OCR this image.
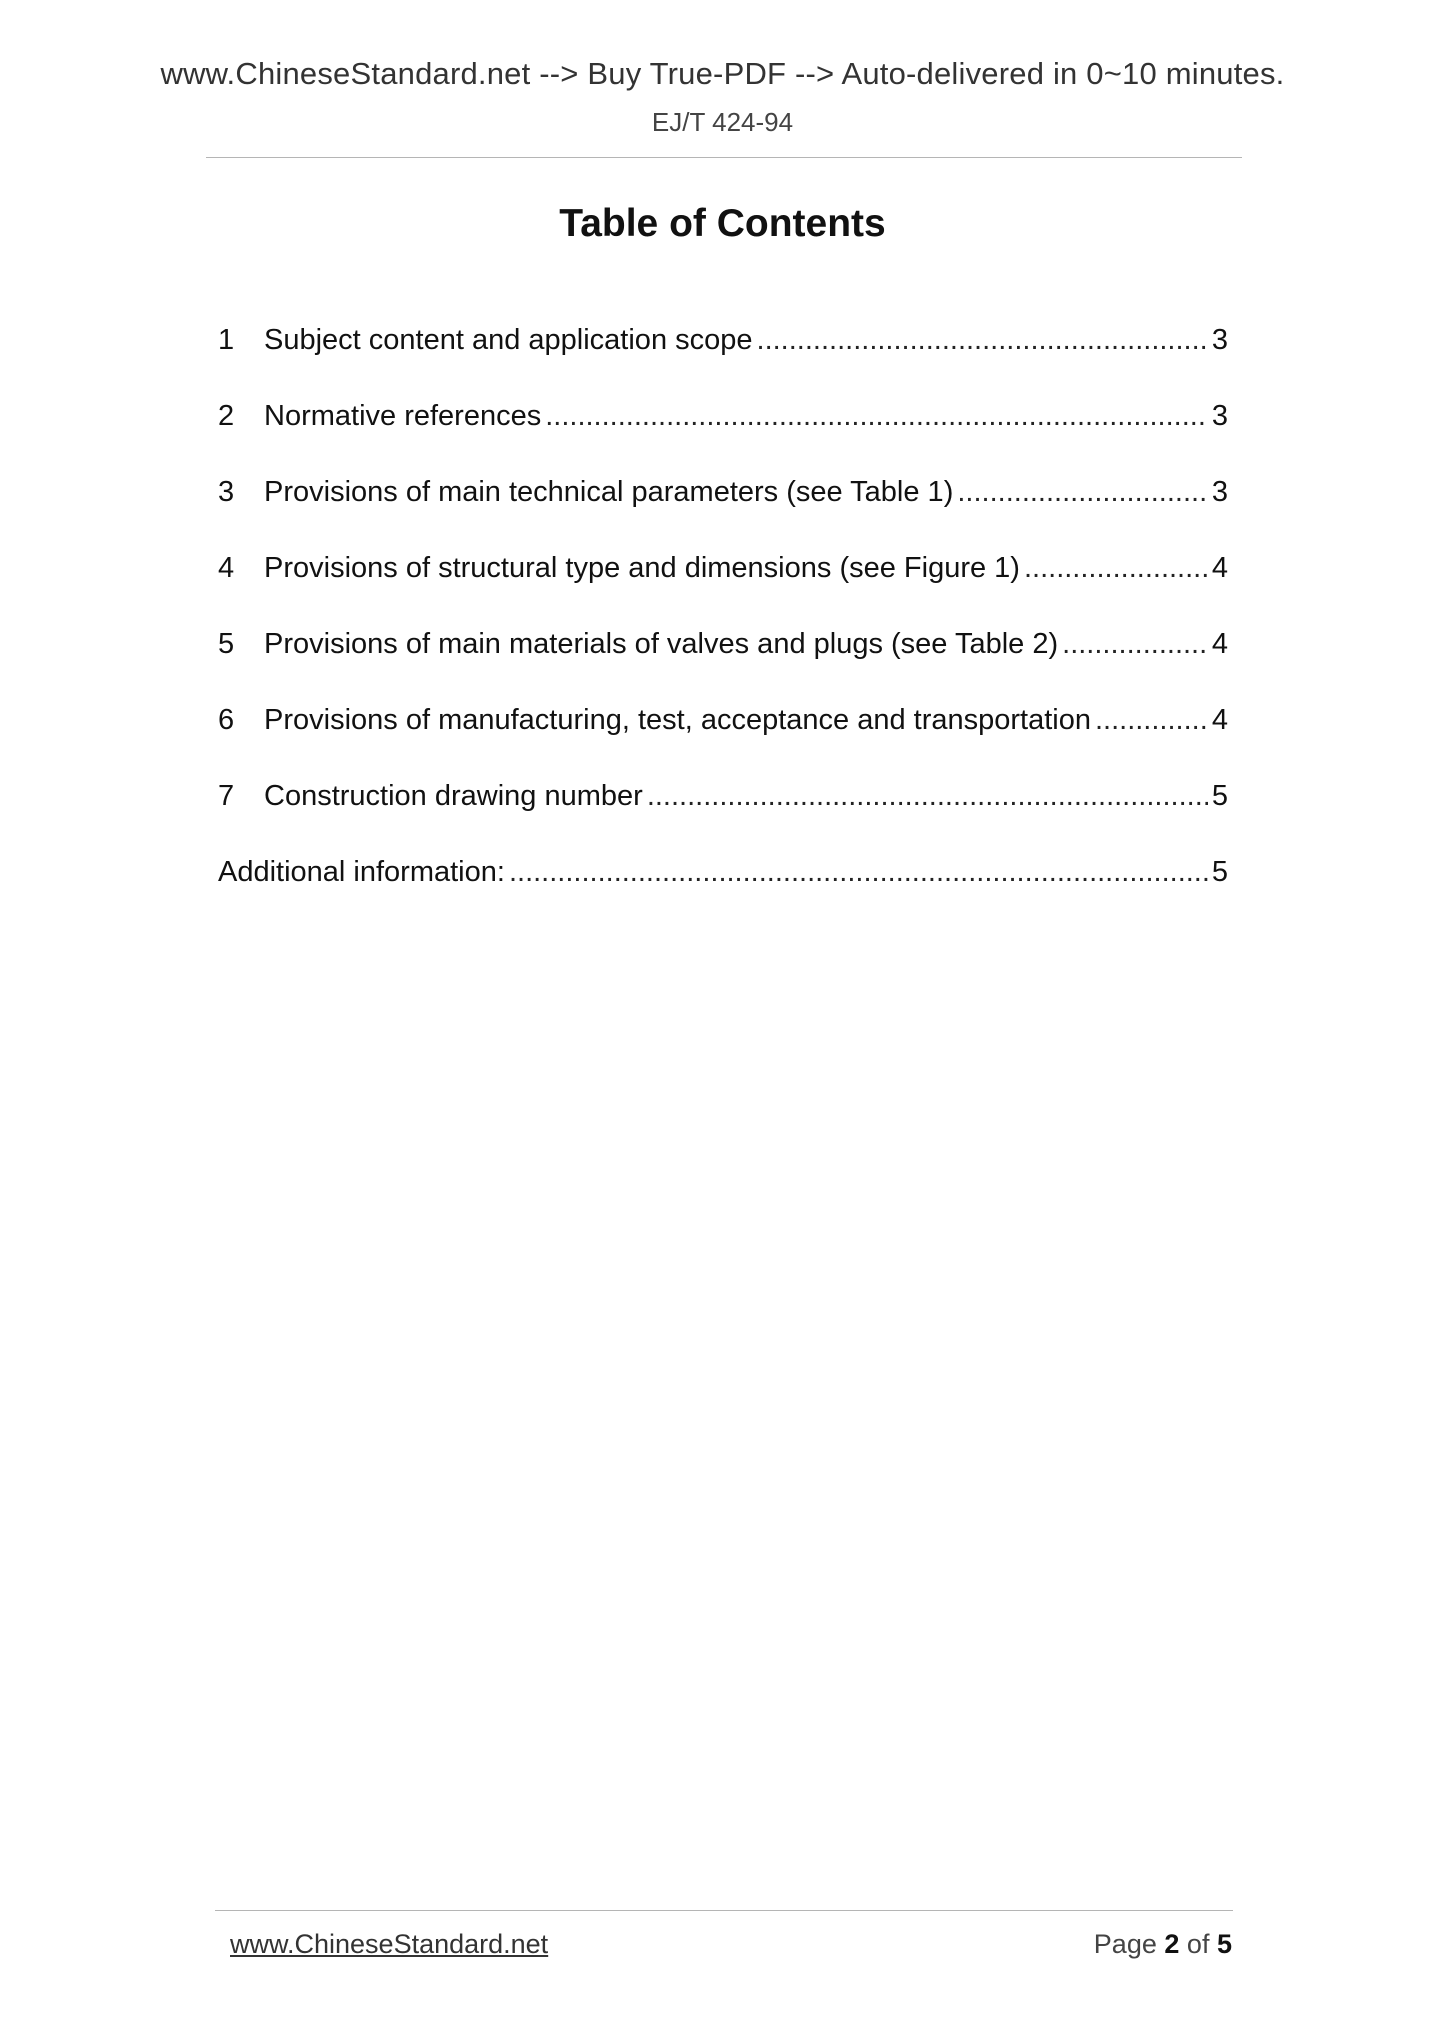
www.ChineseStandard.net --> Buy True-PDF --> Auto-delivered in 0~10 minutes.
EJ/T 424-94
Table of Contents
1	Subject content and application scope .....	3
2	Normative references .....	3
3	Provisions of main technical parameters (see Table 1) .....	3
4	Provisions of structural type and dimensions (see Figure 1) .....	4
5	Provisions of main materials of valves and plugs (see Table 2) .....	4
6	Provisions of manufacturing, test, acceptance and transportation .....	4
7	Construction drawing number .....	5
Additional information: .....	5
www.ChineseStandard.net	Page 2 of 5
